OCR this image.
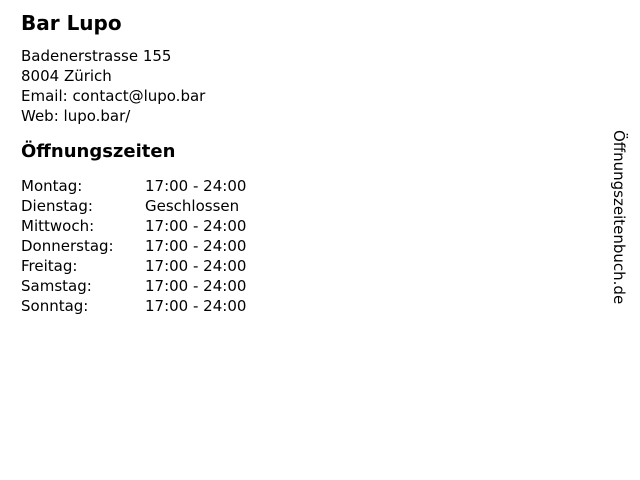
Bar Lupo
Badenerstrasse 155
8004 Zürich
Email: contact@lupo.bar
Web: lupo.bar/
Öffnungszeiten
Montag:	17:00 - 24:00
Dienstag:	Geschlossen
Mittwoch:	17:00 - 24:00
Donnerstag:	17:00 - 24:00
Freitag:	17:00 - 24:00
Samstag:	17:00 - 24:00
Sonntag:	17:00 - 24:00
Öffnungszeitenbuch.de
